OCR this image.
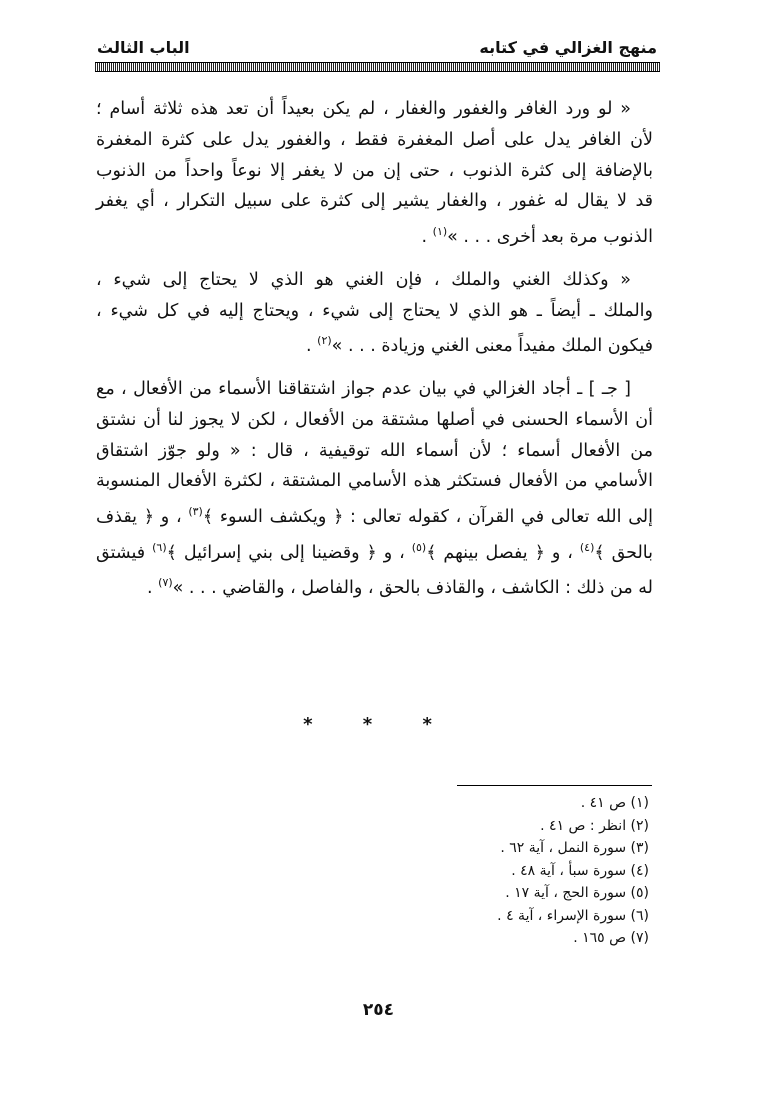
منهج الغزالي في كتابه
الباب الثالث

« لو ورد الغافر والغفور والغفار ، لم يكن بعيداً أن تعد هذه ثلاثة أسام ؛ لأن الغافر يدل على أصل المغفرة فقط ، والغفور يدل على كثرة المغفرة بالإضافة إلى كثرة الذنوب ، حتى إن من لا يغفر إلا نوعاً واحداً من الذنوب قد لا يقال له غفور ، والغفار يشير إلى كثرة على سبيل التكرار ، أي يغفر الذنوب مرة بعد أخرى . . . »$^{(١)}$ .

« وكذلك الغني والملك ، فإن الغني هو الذي لا يحتاج إلى شيء ، والملك ـ أيضاً ـ هو الذي لا يحتاج إلى شيء ، ويحتاج إليه في كل شيء ، فيكون الملك مفيداً معنى الغني وزيادة . . . »$^{(٢)}$ .

[ جـ ] ـ أجاد الغزالي في بيان عدم جواز اشتقاقنا الأسماء من الأفعال ، مع أن الأسماء الحسنى في أصلها مشتقة من الأفعال ، لكن لا يجوز لنا أن نشتق من الأفعال أسماء ؛ لأن أسماء الله توقيفية ، قال : « ولو جوّز اشتقاق الأسامي من الأفعال فستكثر هذه الأسامي المشتقة ، لكثرة الأفعال المنسوبة إلى الله تعالى في القرآن ، كقوله تعالى : ﴿ ويكشف السوء ﴾$^{(٣)}$ ، و ﴿ يقذف بالحق ﴾$^{(٤)}$ ، و ﴿ يفصل بينهم ﴾$^{(٥)}$ ، و ﴿ وقضينا إلى بني إسرائيل ﴾$^{(٦)}$ فيشتق له من ذلك : الكاشف ، والقاذف بالحق ، والفاصل ، والقاضي . . . »$^{(٧)}$ .

* * *
(١) ص ٤١ .
(٢) انظر : ص ٤١ .
(٣) سورة النمل ، آية ٦٢ .
(٤) سورة سبأ ، آية ٤٨ .
(٥) سورة الحج ، آية ١٧ .
(٦) سورة الإسراء ، آية ٤ .
(٧) ص ١٦٥ .
٢٥٤
